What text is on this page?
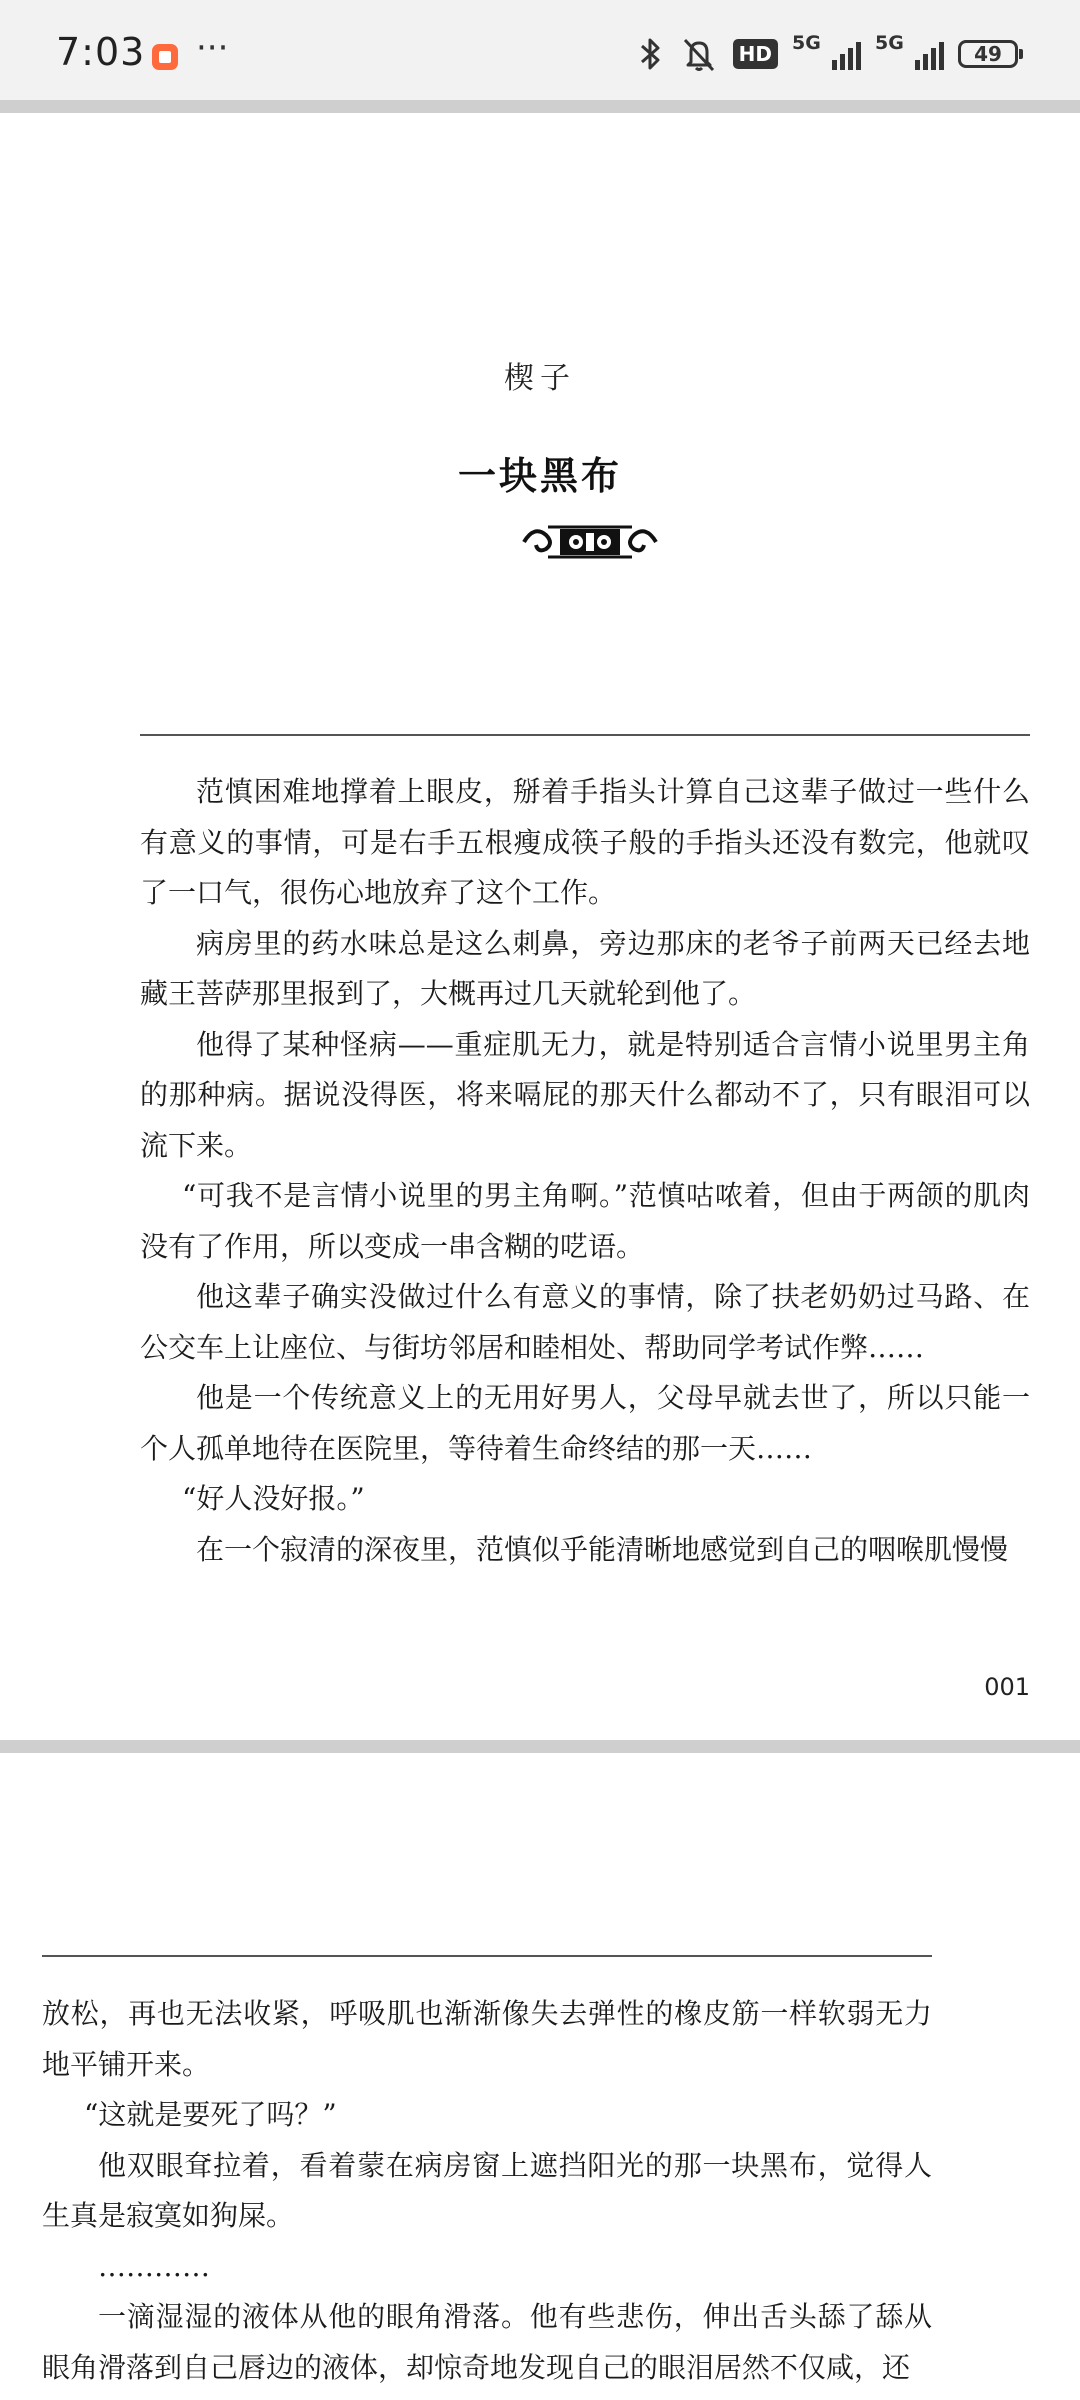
7:03 ···	HD	5G	5G	49
楔子
一块黑布

范慎困难地撑着上眼皮，掰着手指头计算自己这辈子做过一些什么有意义的事情，可是右手五根瘦成筷子般的手指头还没有数完，他就叹了一口气，很伤心地放弃了这个工作。

病房里的药水味总是这么刺鼻，旁边那床的老爷子前两天已经去地藏王菩萨那里报到了，大概再过几天就轮到他了。

他得了某种怪病——重症肌无力，就是特别适合言情小说里男主角的那种病。据说没得医，将来嗝屁的那天什么都动不了，只有眼泪可以流下来。

“可我不是言情小说里的男主角啊。”范慎咕哝着，但由于两颌的肌肉没有了作用，所以变成一串含糊的呓语。

他这辈子确实没做过什么有意义的事情，除了扶老奶奶过马路、在公交车上让座位、与街坊邻居和睦相处、帮助同学考试作弊……

他是一个传统意义上的无用好男人，父母早就去世了，所以只能一个人孤单地待在医院里，等待着生命终结的那一天……

“好人没好报。”

在一个寂清的深夜里，范慎似乎能清晰地感觉到自己的咽喉肌慢慢

001

放松，再也无法收紧，呼吸肌也渐渐像失去弹性的橡皮筋一样软弱无力地平铺开来。

“这就是要死了吗？”

他双眼耷拉着，看着蒙在病房窗上遮挡阳光的那一块黑布，觉得人生真是寂寞如狗屎。

…………

一滴湿湿的液体从他的眼角滑落。他有些悲伤，伸出舌头舔了舔从眼角滑落到自己唇边的液体，却惊奇地发现自己的眼泪居然不仅咸，还
